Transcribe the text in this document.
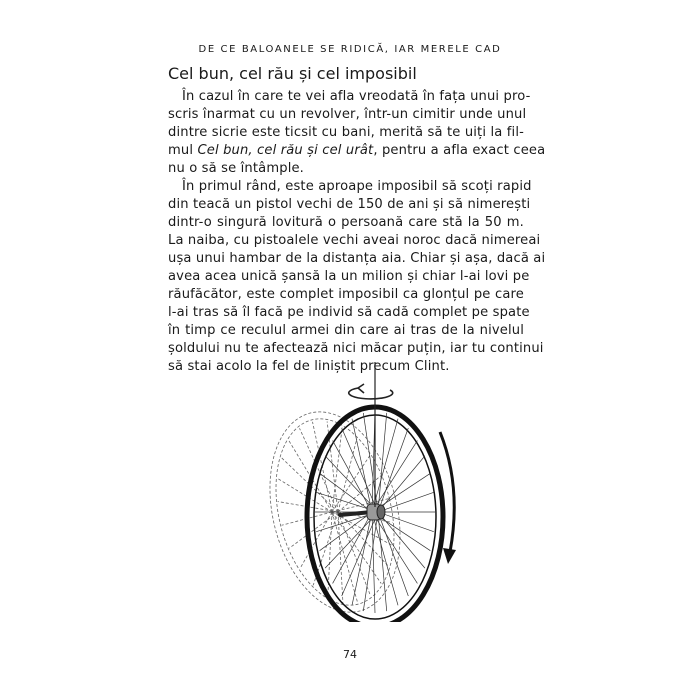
DE CE BALOANELE SE RIDICĂ, IAR MERELE CAD
Cel bun, cel rău și cel imposibil
În cazul în care te vei afla vreodată în fața unui pro-
scris înarmat cu un revolver, într-un cimitir unde unul
dintre sicrie este ticsit cu bani, merită să te uiți la fil-
mul Cel bun, cel rău și cel urât, pentru a afla exact ceea
nu o să se întâmple.
În primul rând, este aproape imposibil să scoți rapid
din teacă un pistol vechi de 150 de ani și să nimerești
dintr-o singură lovitură o persoană care stă la 50 m.
La naiba, cu pistoalele vechi aveai noroc dacă nimereai
ușa unui hambar de la distanța aia. Chiar și așa, dacă ai
avea acea unică șansă la un milion și chiar l-ai lovi pe
răufăcător, este complet imposibil ca glonțul pe care
l-ai tras să îl facă pe individ să cadă complet pe spate
în timp ce reculul armei din care ai tras de la nivelul
șoldului nu te afectează nici măcar puțin, iar tu continui
să stai acolo la fel de liniștit precum Clint.
74
